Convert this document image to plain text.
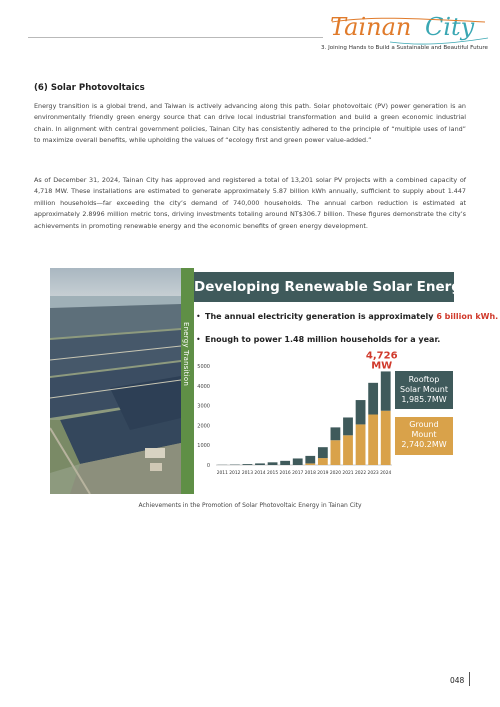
Tainan City
3. Joining Hands to Build a Sustainable and Beautiful Future
(6) Solar Photovoltaics

Energy transition is a global trend, and Taiwan is actively advancing along this path. Solar photovoltaic (PV) power generation is an environmentally friendly green energy source that can drive local industrial transformation and build a green economic industrial chain. In alignment with central government policies, Tainan City has consistently adhered to the principle of “multiple uses of land” to maximize overall benefits, while upholding the values of “ecology first and green power value-added.”

As of December 31, 2024, Tainan City has approved and registered a total of 13,201 solar PV projects with a combined capacity of 4,718 MW. These installations are estimated to generate approximately 5.87 billion kWh annually, sufficient to supply about 1.447 million households—far exceeding the city’s demand of 740,000 households. The annual carbon reduction is estimated at approximately 2.8996 million metric tons, driving investments totaling around NT$306.7 billion. These figures demonstrate the city’s achievements in promoting renewable energy and the economic benefits of green energy development.

Energy Transition
Developing Renewable Solar Energy
• The annual electricity generation is approximately 6 billion kWh.
• Enough to power 1.48 million households for a year.
0
1000
2000
3000
4000
5000
2011 2012 2013 2014 2015 2016 2017 2018 2019 2020 2021 2022 2023 2024
4,726
MW
Rooftop
Solar Mount
1,985.7MW
Ground
Mount
2,740.2MW
Achievements in the Promotion of Solar Photovoltaic Energy in Tainan City
048
